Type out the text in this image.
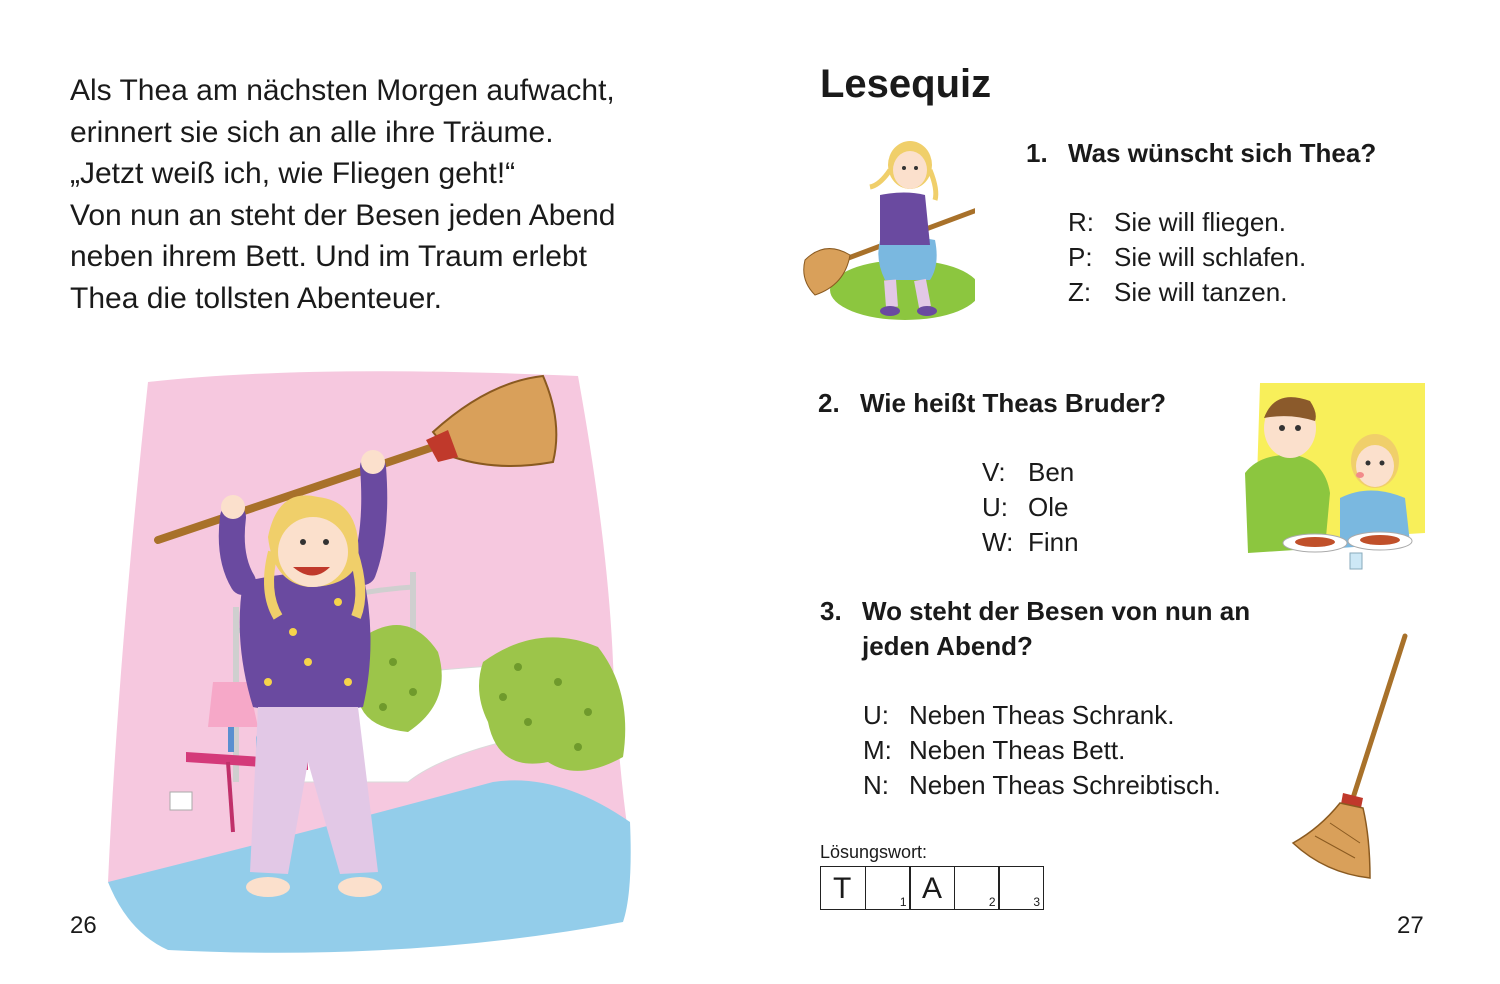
Als Thea am nächsten Morgen aufwacht,

erinnert sie sich an alle ihre Träume.

„Jetzt weiß ich, wie Fliegen geht!“

Von nun an steht der Besen jeden Abend

neben ihrem Bett. Und im Traum erlebt

Thea die tollsten Abenteuer.

26
Lesequiz
1. Was wünscht sich Thea?
R: Sie will fliegen.
P: Sie will schlafen.
Z: Sie will tanzen.
2. Wie heißt Theas Bruder?
V: Ben
U: Ole
W: Finn
3. Wo steht der Besen von nun an
jeden Abend?
U: Neben Theas Schrank.
M: Neben Theas Bett.
N: Neben Theas Schreibtisch.
Lösungswort:
T	1 A	2	3
27
